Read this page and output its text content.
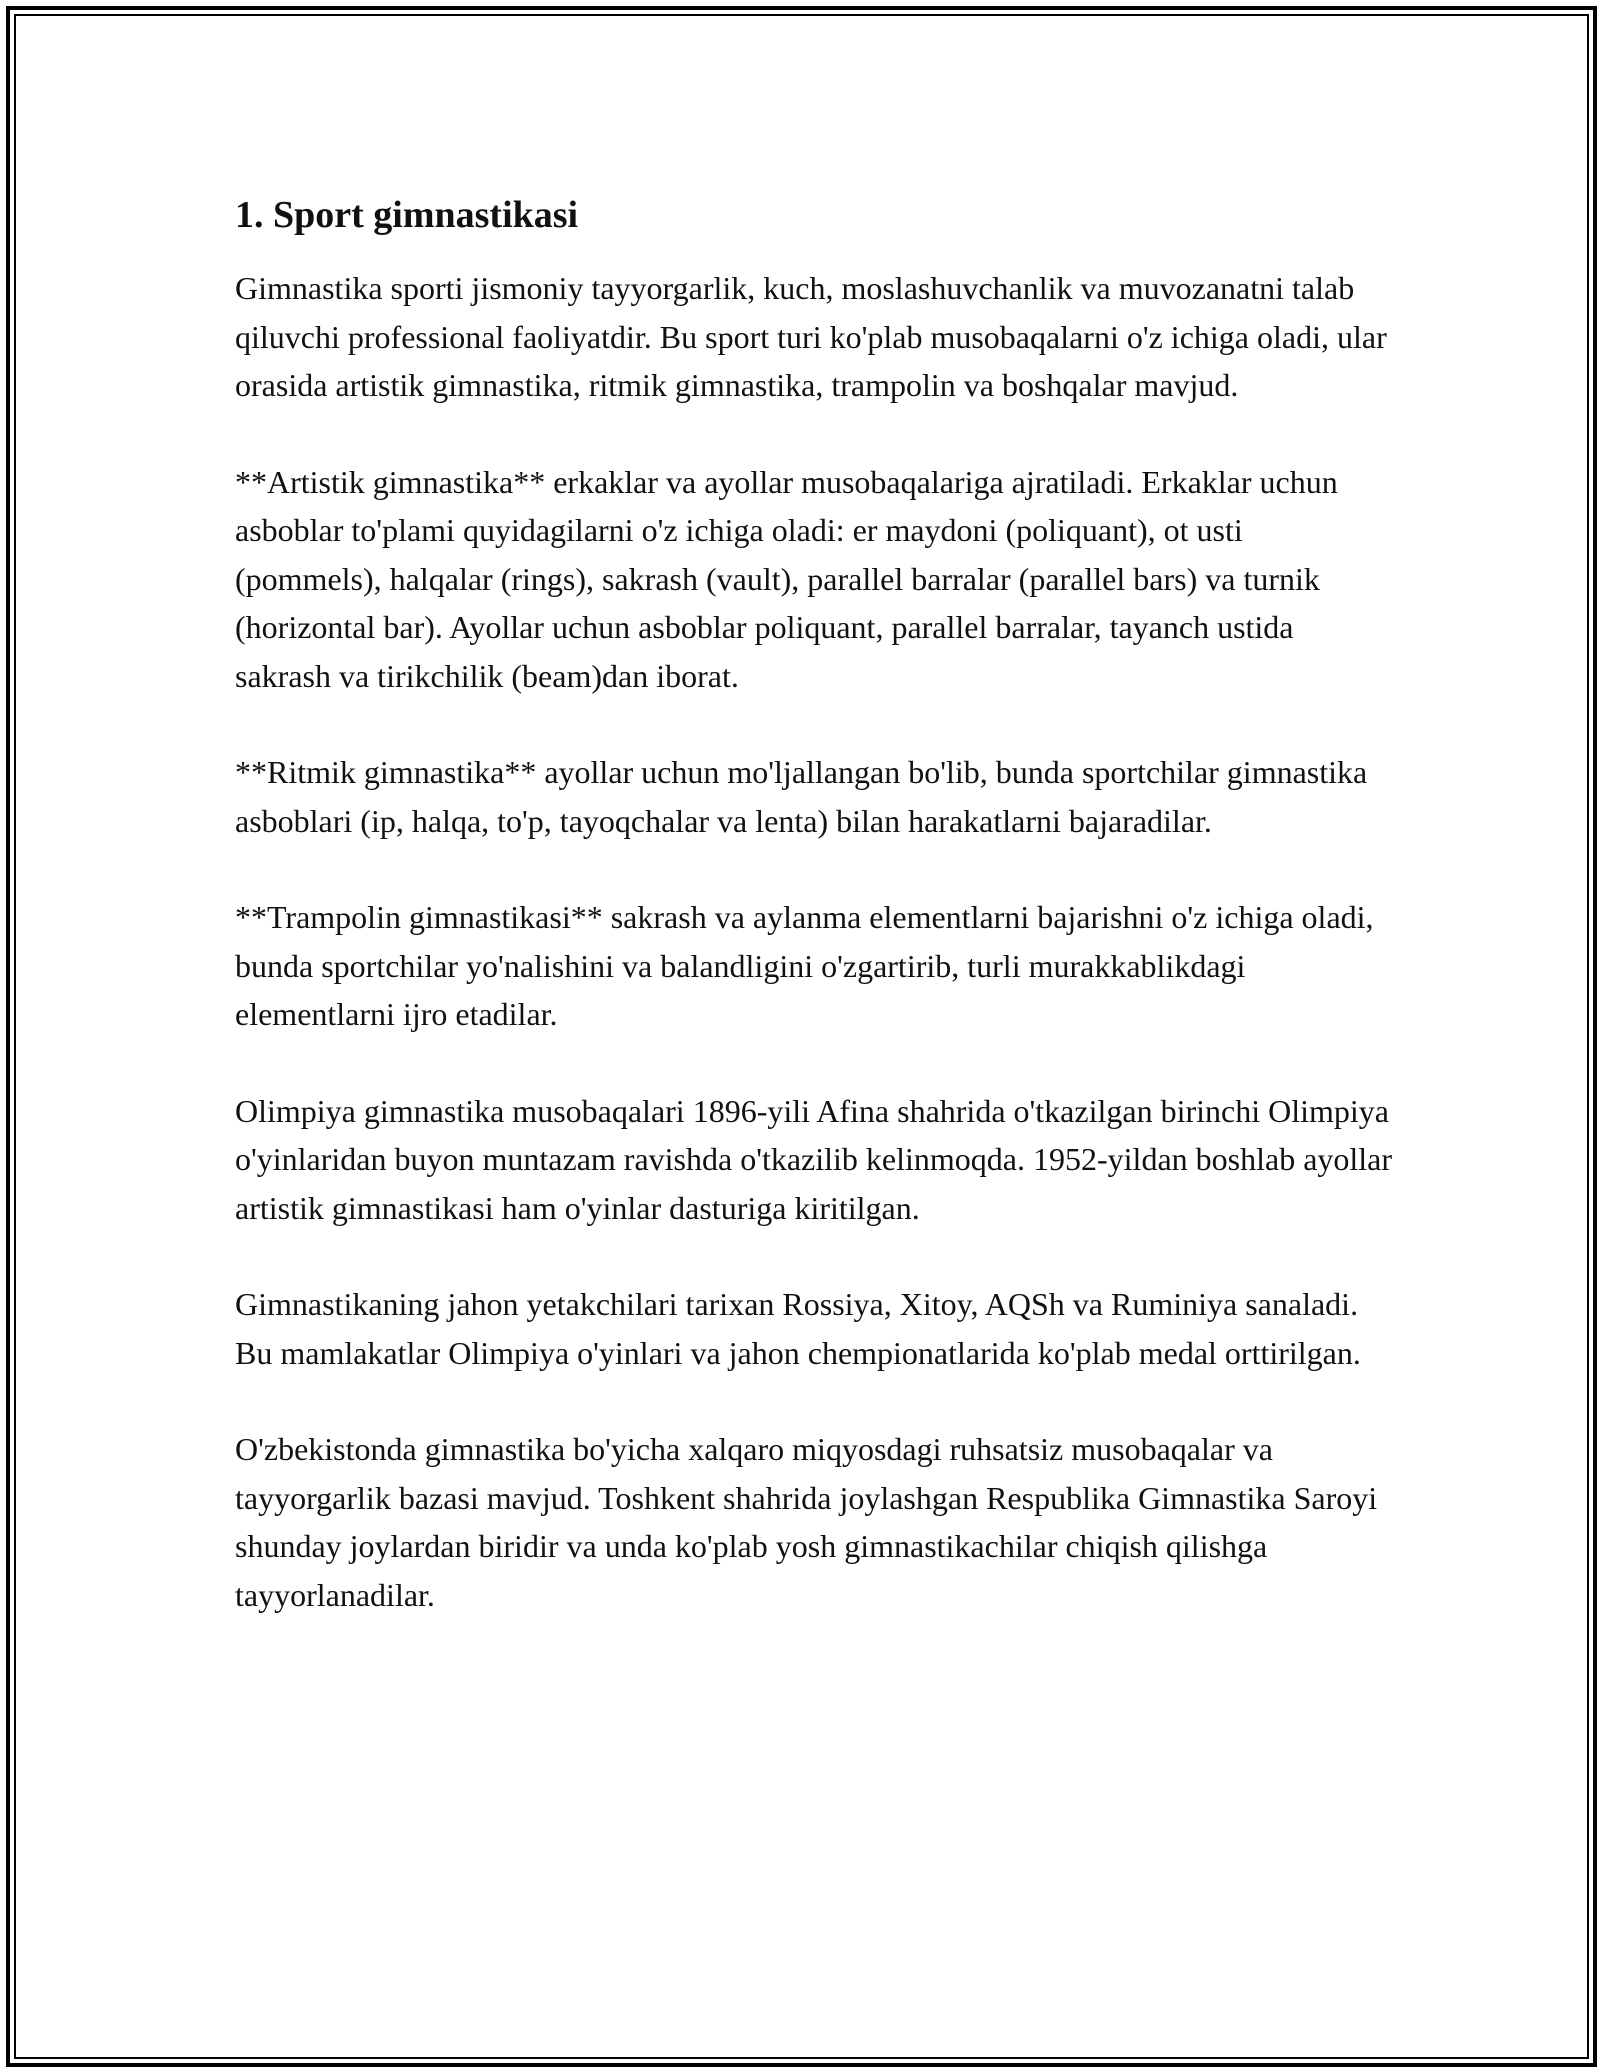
1. Sport gimnastikasi

Gimnastika sporti jismoniy tayyorgarlik, kuch, moslashuvchanlik va muvozanatni talab qiluvchi professional faoliyatdir. Bu sport turi ko'plab musobaqalarni o'z ichiga oladi, ular orasida artistik gimnastika, ritmik gimnastika, trampolin va boshqalar mavjud.

**Artistik gimnastika** erkaklar va ayollar musobaqalariga ajratiladi. Erkaklar uchun asboblar to'plami quyidagilarni o'z ichiga oladi: er maydoni (poliquant), ot usti (pommels), halqalar (rings), sakrash (vault), parallel barralar (parallel bars) va turnik (horizontal bar). Ayollar uchun asboblar poliquant, parallel barralar, tayanch ustida sakrash va tirikchilik (beam)dan iborat.

**Ritmik gimnastika** ayollar uchun mo'ljallangan bo'lib, bunda sportchilar gimnastika asboblari (ip, halqa, to'p, tayoqchalar va lenta) bilan harakatlarni bajaradilar.

**Trampolin gimnastikasi** sakrash va aylanma elementlarni bajarishni o'z ichiga oladi, bunda sportchilar yo'nalishini va balandligini o'zgartirib, turli murakkablikdagi elementlarni ijro etadilar.

Olimpiya gimnastika musobaqalari 1896-yili Afina shahrida o'tkazilgan birinchi Olimpiya o'yinlaridan buyon muntazam ravishda o'tkazilib kelinmoqda. 1952-yildan boshlab ayollar artistik gimnastikasi ham o'yinlar dasturiga kiritilgan.

Gimnastikaning jahon yetakchilari tarixan Rossiya, Xitoy, AQSh va Ruminiya sanaladi. Bu mamlakatlar Olimpiya o'yinlari va jahon chempionatlarida ko'plab medal orttirilgan.

O'zbekistonda gimnastika bo'yicha xalqaro miqyosdagi ruhsatsiz musobaqalar va tayyorgarlik bazasi mavjud. Toshkent shahrida joylashgan Respublika Gimnastika Saroyi shunday joylardan biridir va unda ko'plab yosh gimnastikachilar chiqish qilishga tayyorlanadilar.
